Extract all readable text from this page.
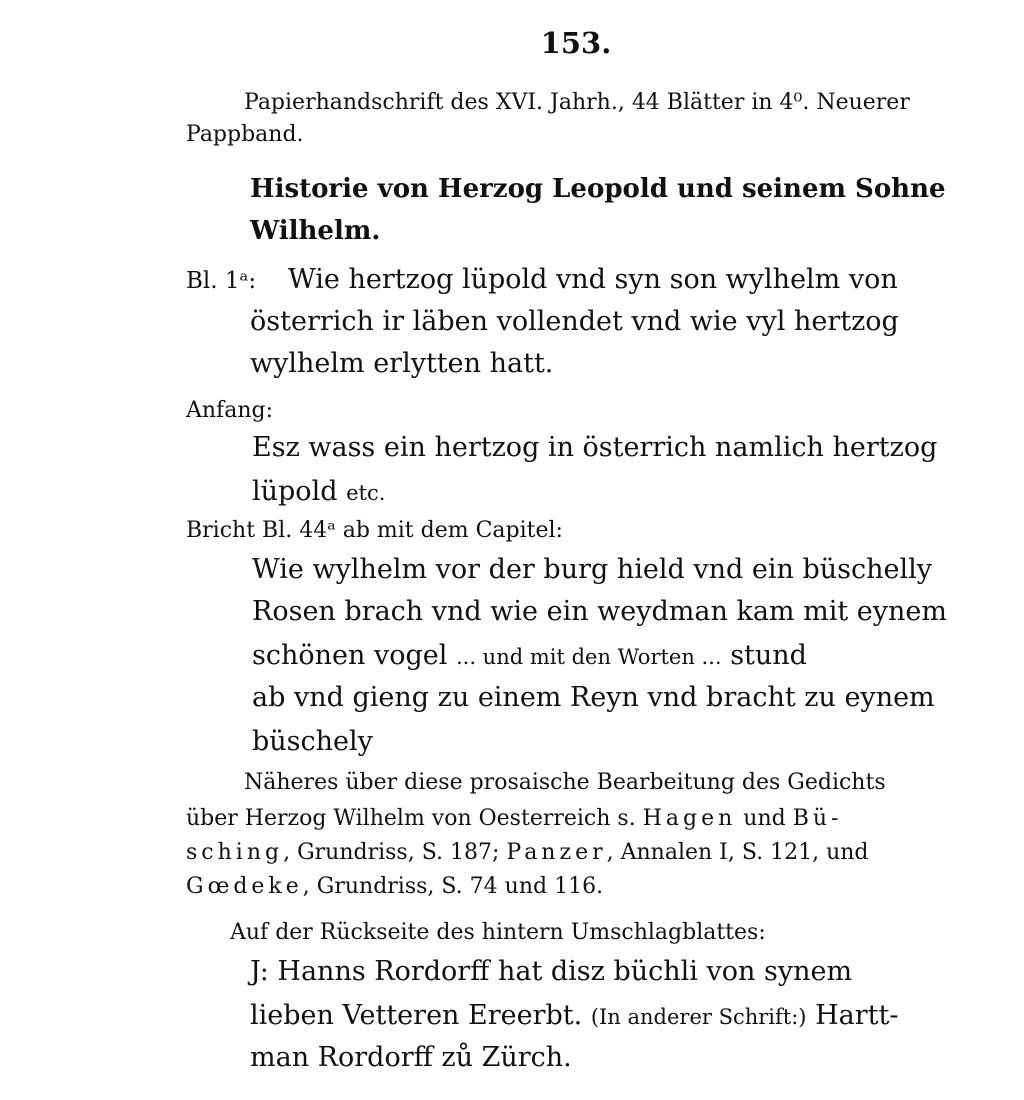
153.
Papierhandschrift des XVI. Jahrh., 44 Blätter in 4⁰. Neuerer
Pappband.
Historie von Herzog Leopold und seinem Sohne
Wilhelm.
Bl. 1ᵃ: Wie hertzog lüpold vnd syn son wylhelm von
österrich ir läben vollendet vnd wie vyl hertzog
wylhelm erlytten hatt.
Anfang:
Esz wass ein hertzog in österrich namlich hertzog
lüpold etc.
Bricht Bl. 44ᵃ ab mit dem Capitel:
Wie wylhelm vor der burg hield vnd ein büschelly
Rosen brach vnd wie ein weydman kam mit eynem
schönen vogel ... und mit den Worten ... stund
ab vnd gieng zu einem Reyn vnd bracht zu eynem
büschely
Näheres über diese prosaische Bearbeitung des Gedichts
über Herzog Wilhelm von Oesterreich s. Hagen und Bü-
sching, Grundriss, S. 187; Panzer, Annalen I, S. 121, und
Gœdeke, Grundriss, S. 74 und 116.
Auf der Rückseite des hintern Umschlagblattes:
J: Hanns Rordorff hat disz büchli von synem
lieben Vetteren Ereerbt. (In anderer Schrift:) Hartt-
man Rordorff zů Zürch.
